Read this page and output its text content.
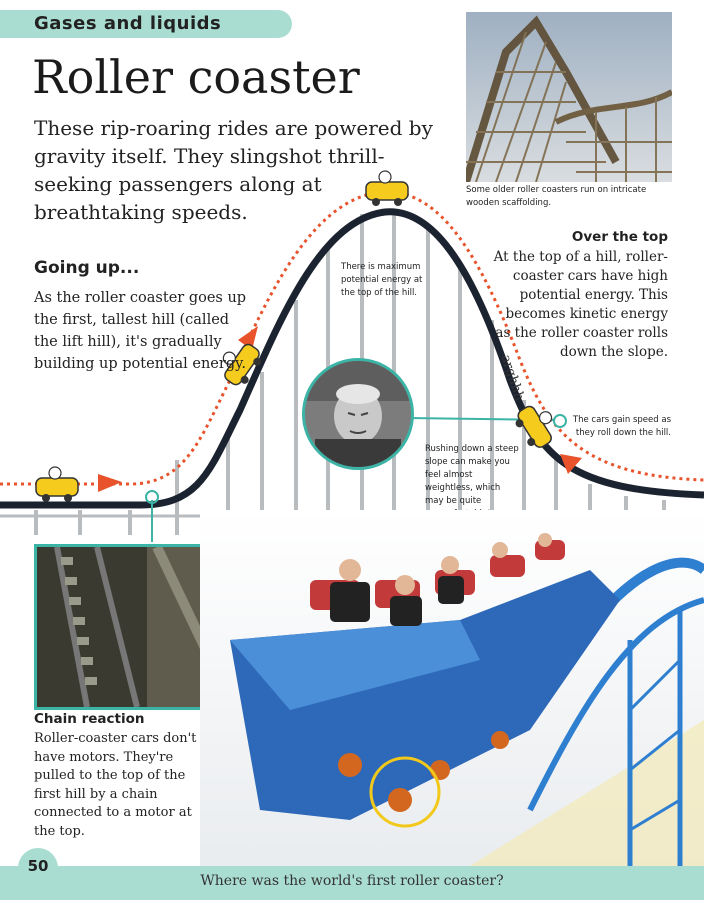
Gases and liquids
Roller coaster
These rip-roaring rides are powered by gravity itself. They slingshot thrill-seeking passengers along at breathtaking speeds.
Some older roller coasters run on intricate wooden scaffolding.
Going up...
As the roller coaster goes up the first, tallest hill (called the lift hill), it's gradually building up potential energy.
There is maximum potential energy at the top of the hill.
Over the top
At the top of a hill, roller-coaster cars have high potential energy. This becomes kinetic energy as the roller coaster rolls down the slope.
arghhh
The cars gain speed as they roll down the hill.
Rushing down a steep slope can make you feel almost weightless, which may be quite
Chain reaction
Roller-coaster cars don't have motors. They're pulled to the top of the first hill by a chain connected to a motor at the top.
Where was the world's first roller coaster?
50
